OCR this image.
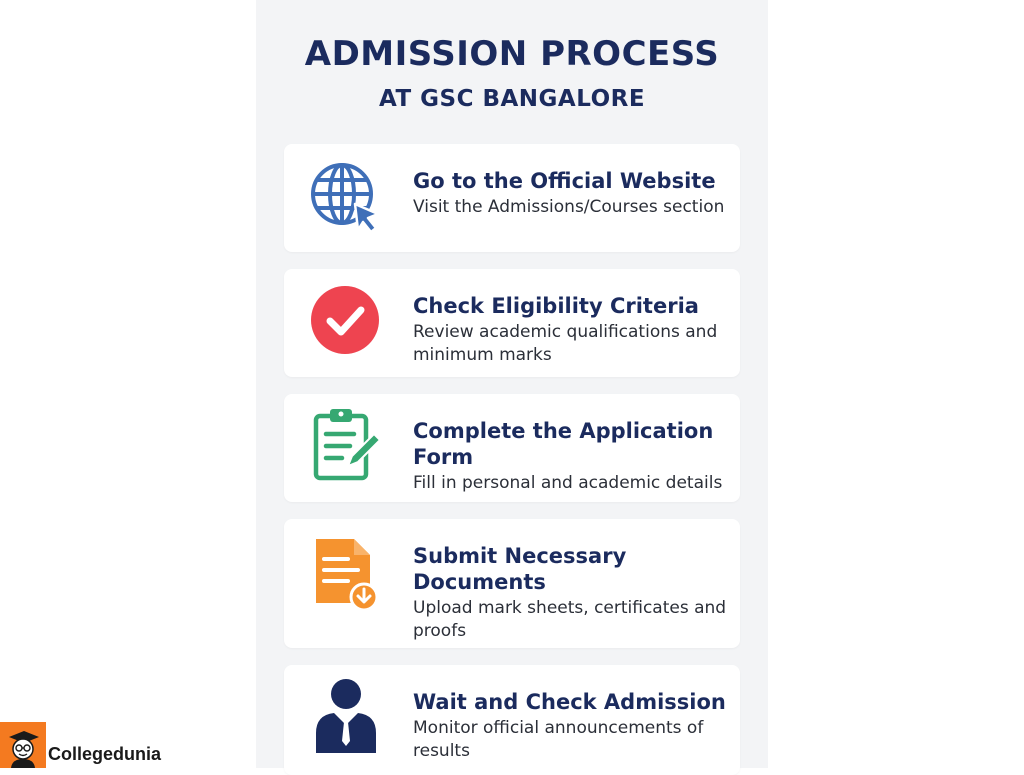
ADMISSION PROCESS
AT GSC BANGALORE
Go to the Official Website
Visit the Admissions/Courses section
Check Eligibility Criteria
Review academic qualifications and minimum marks
Complete the Application Form
Fill in personal and academic details
Submit Necessary Documents
Upload mark sheets, certificates and proofs
Wait and Check Admission
Monitor official announcements of results
Collegedunia
